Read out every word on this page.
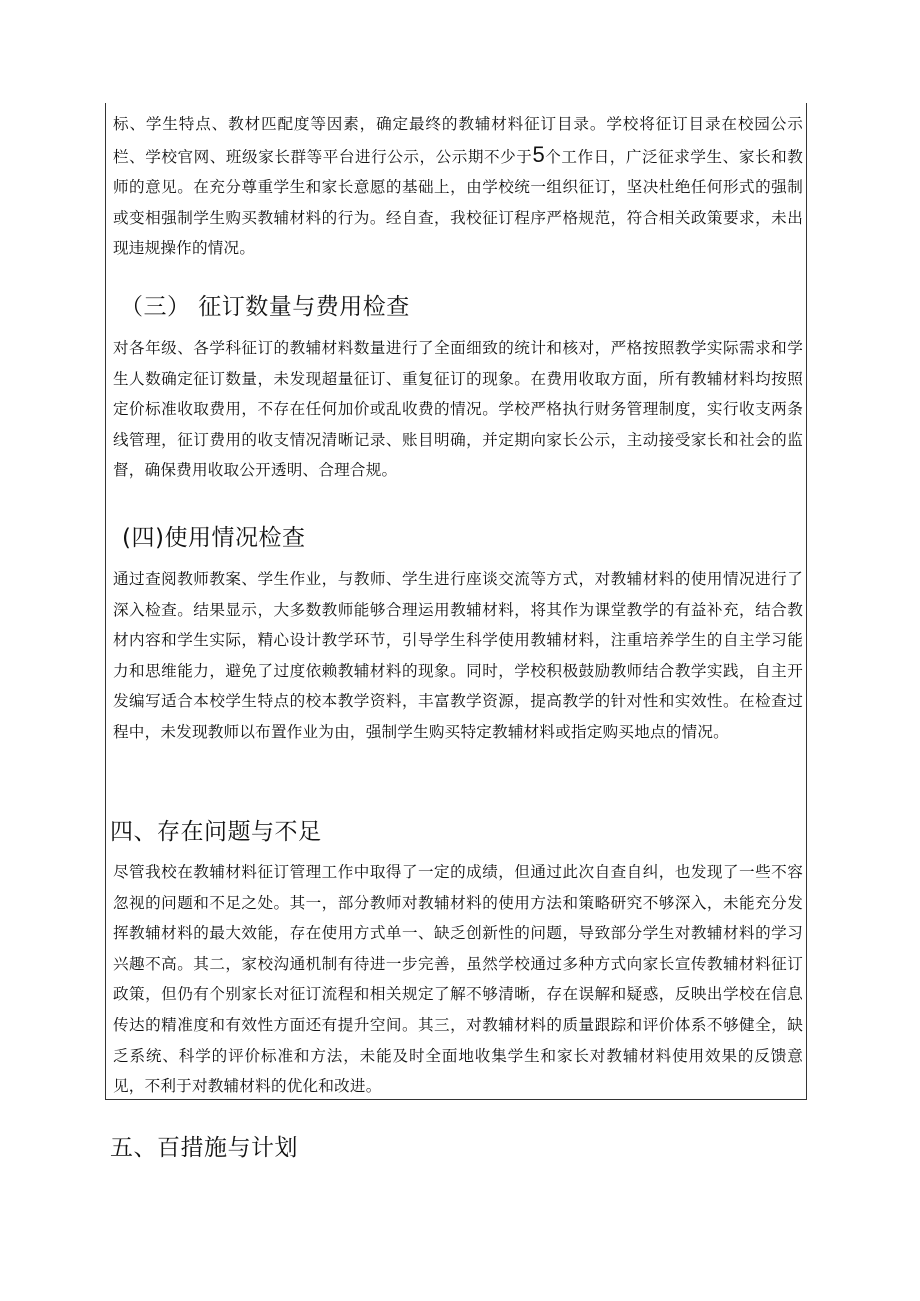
标、学生特点、教材匹配度等因素，确定最终的教辅材料征订目录。学校将征订目录在校园公示栏、学校官网、班级家长群等平台进行公示，公示期不少于5个工作日，广泛征求学生、家长和教师的意见。在充分尊重学生和家长意愿的基础上，由学校统一组织征订，坚决杜绝任何形式的强制或变相强制学生购买教辅材料的行为。经自查，我校征订程序严格规范，符合相关政策要求，未出现违规操作的情况。

（三） 征订数量与费用检查

对各年级、各学科征订的教辅材料数量进行了全面细致的统计和核对，严格按照教学实际需求和学生人数确定征订数量，未发现超量征订、重复征订的现象。在费用收取方面，所有教辅材料均按照定价标准收取费用，不存在任何加价或乱收费的情况。学校严格执行财务管理制度，实行收支两条线管理，征订费用的收支情况清晰记录、账目明确，并定期向家长公示，主动接受家长和社会的监督，确保费用收取公开透明、合理合规。

(四)使用情况检查

通过查阅教师教案、学生作业，与教师、学生进行座谈交流等方式，对教辅材料的使用情况进行了深入检查。结果显示，大多数教师能够合理运用教辅材料，将其作为课堂教学的有益补充，结合教材内容和学生实际，精心设计教学环节，引导学生科学使用教辅材料，注重培养学生的自主学习能力和思维能力，避免了过度依赖教辅材料的现象。同时，学校积极鼓励教师结合教学实践，自主开发编写适合本校学生特点的校本教学资料，丰富教学资源，提高教学的针对性和实效性。在检查过程中，未发现教师以布置作业为由，强制学生购买特定教辅材料或指定购买地点的情况。

四、存在问题与不足

尽管我校在教辅材料征订管理工作中取得了一定的成绩，但通过此次自查自纠，也发现了一些不容忽视的问题和不足之处。其一，部分教师对教辅材料的使用方法和策略研究不够深入，未能充分发挥教辅材料的最大效能，存在使用方式单一、缺乏创新性的问题，导致部分学生对教辅材料的学习兴趣不高。其二，家校沟通机制有待进一步完善，虽然学校通过多种方式向家长宣传教辅材料征订政策，但仍有个别家长对征订流程和相关规定了解不够清晰，存在误解和疑惑，反映出学校在信息传达的精准度和有效性方面还有提升空间。其三，对教辅材料的质量跟踪和评价体系不够健全，缺乏系统、科学的评价标准和方法，未能及时全面地收集学生和家长对教辅材料使用效果的反馈意见，不利于对教辅材料的优化和改进。

五、百措施与计划
